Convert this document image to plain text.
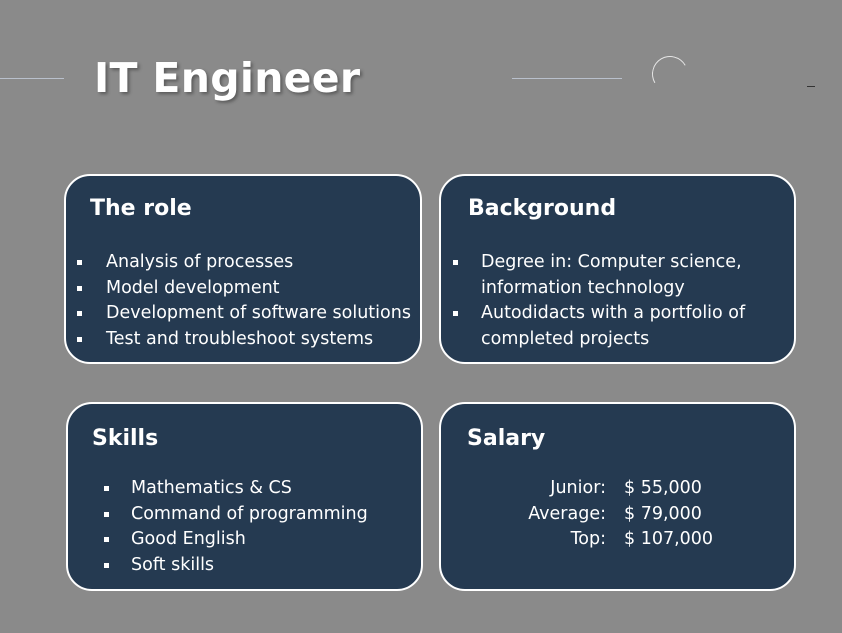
IT Engineer
The role
Analysis of processes
Model development
Development of software solutions
Test and troubleshoot systems
Background
Degree in: Computer science, information technology
Autodidacts with a portfolio of completed projects
Skills
Mathematics & CS
Command of programming
Good English
Soft skills
Salary
Junior: $ 55,000
Average: $ 79,000
Top: $ 107,000
